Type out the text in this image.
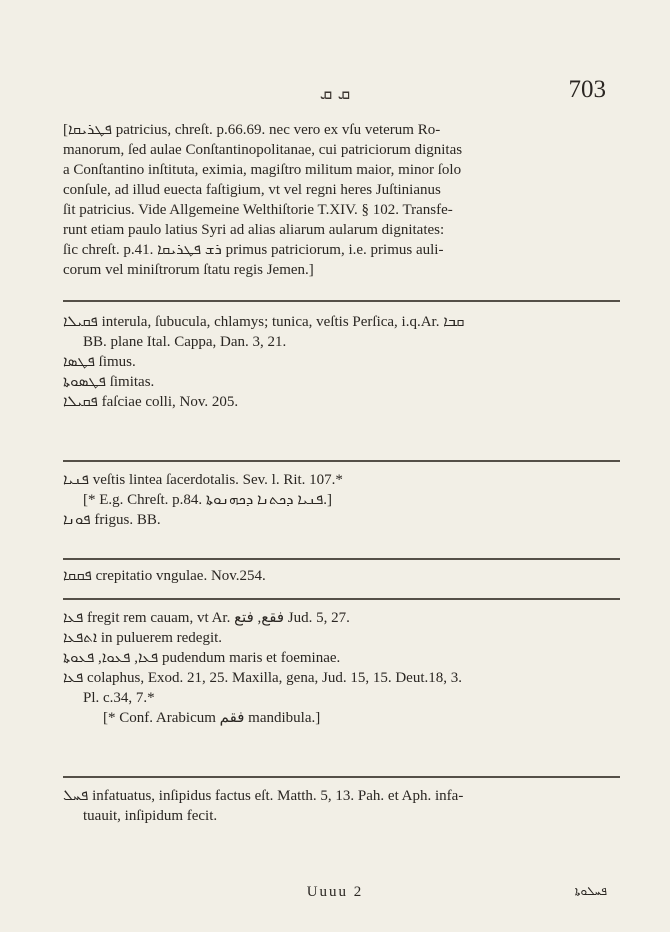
ܩ ܩ	703
[ܦܛܪܝܩܐ patricius, chreſt. p.66.69. nec vero ex vſu veterum Ro-
manorum, ſed aulae Conſtantinopolitanae, cui patriciorum dignitas
a Conſtantino inſtituta, eximia, magiſtro militum maior, minor ſolo
conſule, ad illud euecta faſtigium, vt vel regni heres Juſtinianus
ſit patricius. Vide Allgemeine Welthiſtorie T.XIV. § 102. Transfe-
runt etiam paulo latius Syri ad alias aliarum aularum dignitates:
ſic chreſt. p.41. ܪܫ ܦܛܪܝܩܐ primus patriciorum, i.e. primus auli-
corum vel miniſtrorum ſtatu regis Jemen.]
ܦܩܝܠܐ interula, ſubucula, chlamys; tunica, veſtis Perſica, i.q.Ar. ܩܒܐ
BB. plane Ital. Cappa, Dan. 3, 21.
ܦܛܣܐ ſimus.
ܦܛܣܘܬܐ ſimitas.
ܦܩܝܠܐ faſciae colli, Nov. 205.
ܦܢܝܐ veſtis lintea ſacerdotalis. Sev. l. Rit. 107.*
[* E.g. Chreſt. p.84. ܦܢܝܐ ܕܟܬܢܐ ܕܟܗܢܘܬܐ.]
ܦܘܢܐ frigus. BB.
ܦܩܩܐ crepitatio vngulae. Nov.254.
ܦܥܐ fregit rem cauam, vt Ar. ﻓﻘﻊ, ﻓﺘﻊ Jud. 5, 27.
ܐܬܦܥܐ in puluerem redegit.
ܦܥܐ, ܦܥܘܐ, ܦܥܘܬܐ pudendum maris et foeminae.
ܦܥܐ colaphus, Exod. 21, 25. Maxilla, gena, Jud. 15, 15. Deut.18, 3.
Pl. c.34, 7.*
[* Conf. Arabicum ﻓﻘﻢ mandibula.]
ܦܚܠ infatuatus, inſipidus factus eſt. Matth. 5, 13. Pah. et Aph. infa-
tuauit, inſipidum fecit.
Uuuu 2	ܦܚܠܘܬܐ
